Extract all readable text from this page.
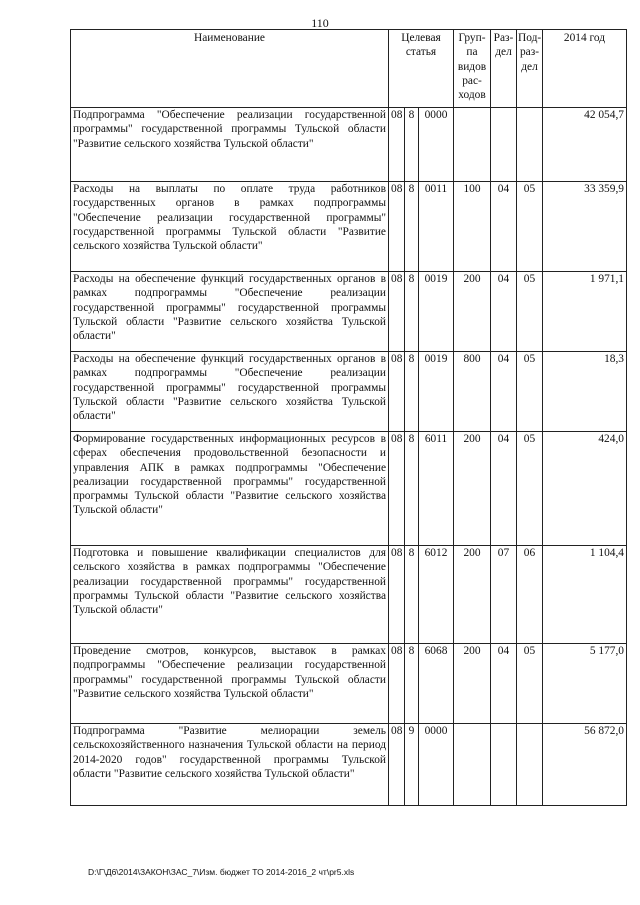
110
Наименование	Целевая статья			Груп-па видов рас-ходов	Раз-дел	Под-раз-дел	2014 год
Подпрограмма "Обеспечение реализации государственной программы" государственной программы Тульской области "Развитие сельского хозяйства Тульской области"	08	8	0000				42 054,7
Расходы на выплаты по оплате труда работников государственных органов в рамках подпрограммы "Обеспечение реализации государственной программы" государственной программы Тульской области "Развитие сельского хозяйства Тульской области"	08	8	0011	100	04	05	33 359,9
Расходы на обеспечение функций государственных органов в рамках подпрограммы "Обеспечение реализации государственной программы" государственной программы Тульской области "Развитие сельского хозяйства Тульской области"	08	8	0019	200	04	05	1 971,1
Расходы на обеспечение функций государственных органов в рамках подпрограммы "Обеспечение реализации государственной программы" государственной программы Тульской области "Развитие сельского хозяйства Тульской области"	08	8	0019	800	04	05	18,3
Формирование государственных информационных ресурсов в сферах обеспечения продовольственной безопасности и управления АПК в рамках подпрограммы "Обеспечение реализации государственной программы" государственной программы Тульской области "Развитие сельского хозяйства Тульской области"	08	8	6011	200	04	05	424,0
Подготовка и повышение квалификации специалистов для сельского хозяйства в рамках подпрограммы "Обеспечение реализации государственной программы" государственной программы Тульской области "Развитие сельского хозяйства Тульской области"	08	8	6012	200	07	06	1 104,4
Проведение смотров, конкурсов, выставок в рамках подпрограммы "Обеспечение реализации государственной программы" государственной программы Тульской области "Развитие сельского хозяйства Тульской области"	08	8	6068	200	04	05	5 177,0
Подпрограмма "Развитие мелиорации земель сельскохозяйственного назначения Тульской области на период 2014-2020 годов" государственной программы Тульской области "Развитие сельского хозяйства Тульской области"	08	9	0000				56 872,0
D:\Г\Д6\2014\ЗАКОН\ЗАС_7\Изм. бюджет ТО 2014-2016_2 чт\pr5.xls
